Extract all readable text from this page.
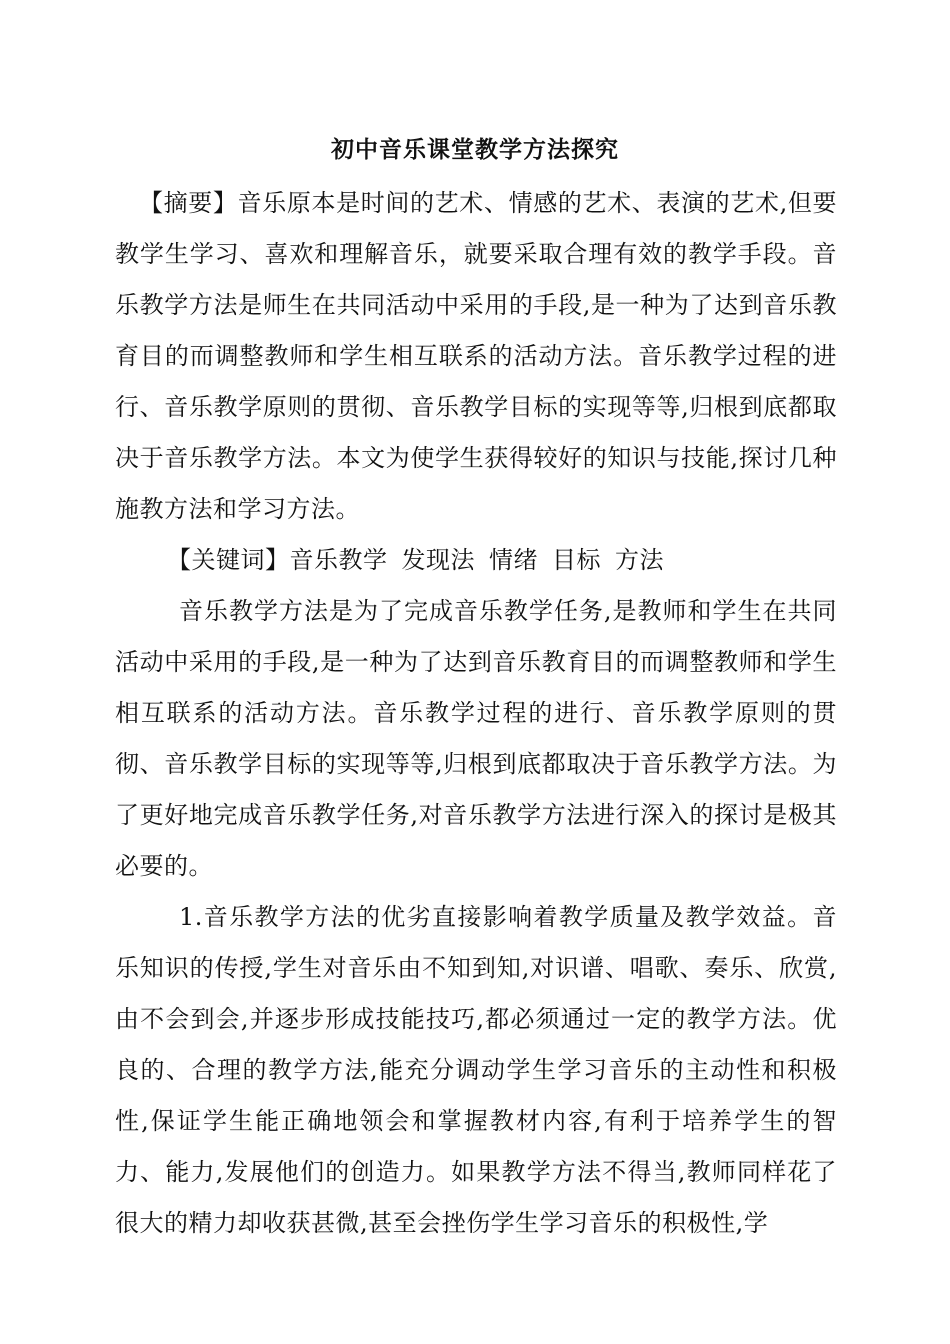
初中音乐课堂教学方法探究

【摘要】音乐原本是时间的艺术、情感的艺术、表演的艺术,但要教学生学习、喜欢和理解音乐，就要采取合理有效的教学手段。音乐教学方法是师生在共同活动中采用的手段,是一种为了达到音乐教育目的而调整教师和学生相互联系的活动方法。音乐教学过程的进行、音乐教学原则的贯彻、音乐教学目标的实现等等,归根到底都取决于音乐教学方法。本文为使学生获得较好的知识与技能,探讨几种施教方法和学习方法。

【关键词】音乐教学 发现法 情绪 目标 方法

音乐教学方法是为了完成音乐教学任务,是教师和学生在共同活动中采用的手段,是一种为了达到音乐教育目的而调整教师和学生相互联系的活动方法。音乐教学过程的进行、音乐教学原则的贯彻、音乐教学目标的实现等等,归根到底都取决于音乐教学方法。为了更好地完成音乐教学任务,对音乐教学方法进行深入的探讨是极其必要的。

1.音乐教学方法的优劣直接影响着教学质量及教学效益。音乐知识的传授,学生对音乐由不知到知,对识谱、唱歌、奏乐、欣赏,由不会到会,并逐步形成技能技巧,都必须通过一定的教学方法。优良的、合理的教学方法,能充分调动学生学习音乐的主动性和积极性,保证学生能正确地领会和掌握教材内容,有利于培养学生的智力、能力,发展他们的创造力。如果教学方法不得当,教师同样花了很大的精力却收获甚微,甚至会挫伤学生学习音乐的积极性,学
